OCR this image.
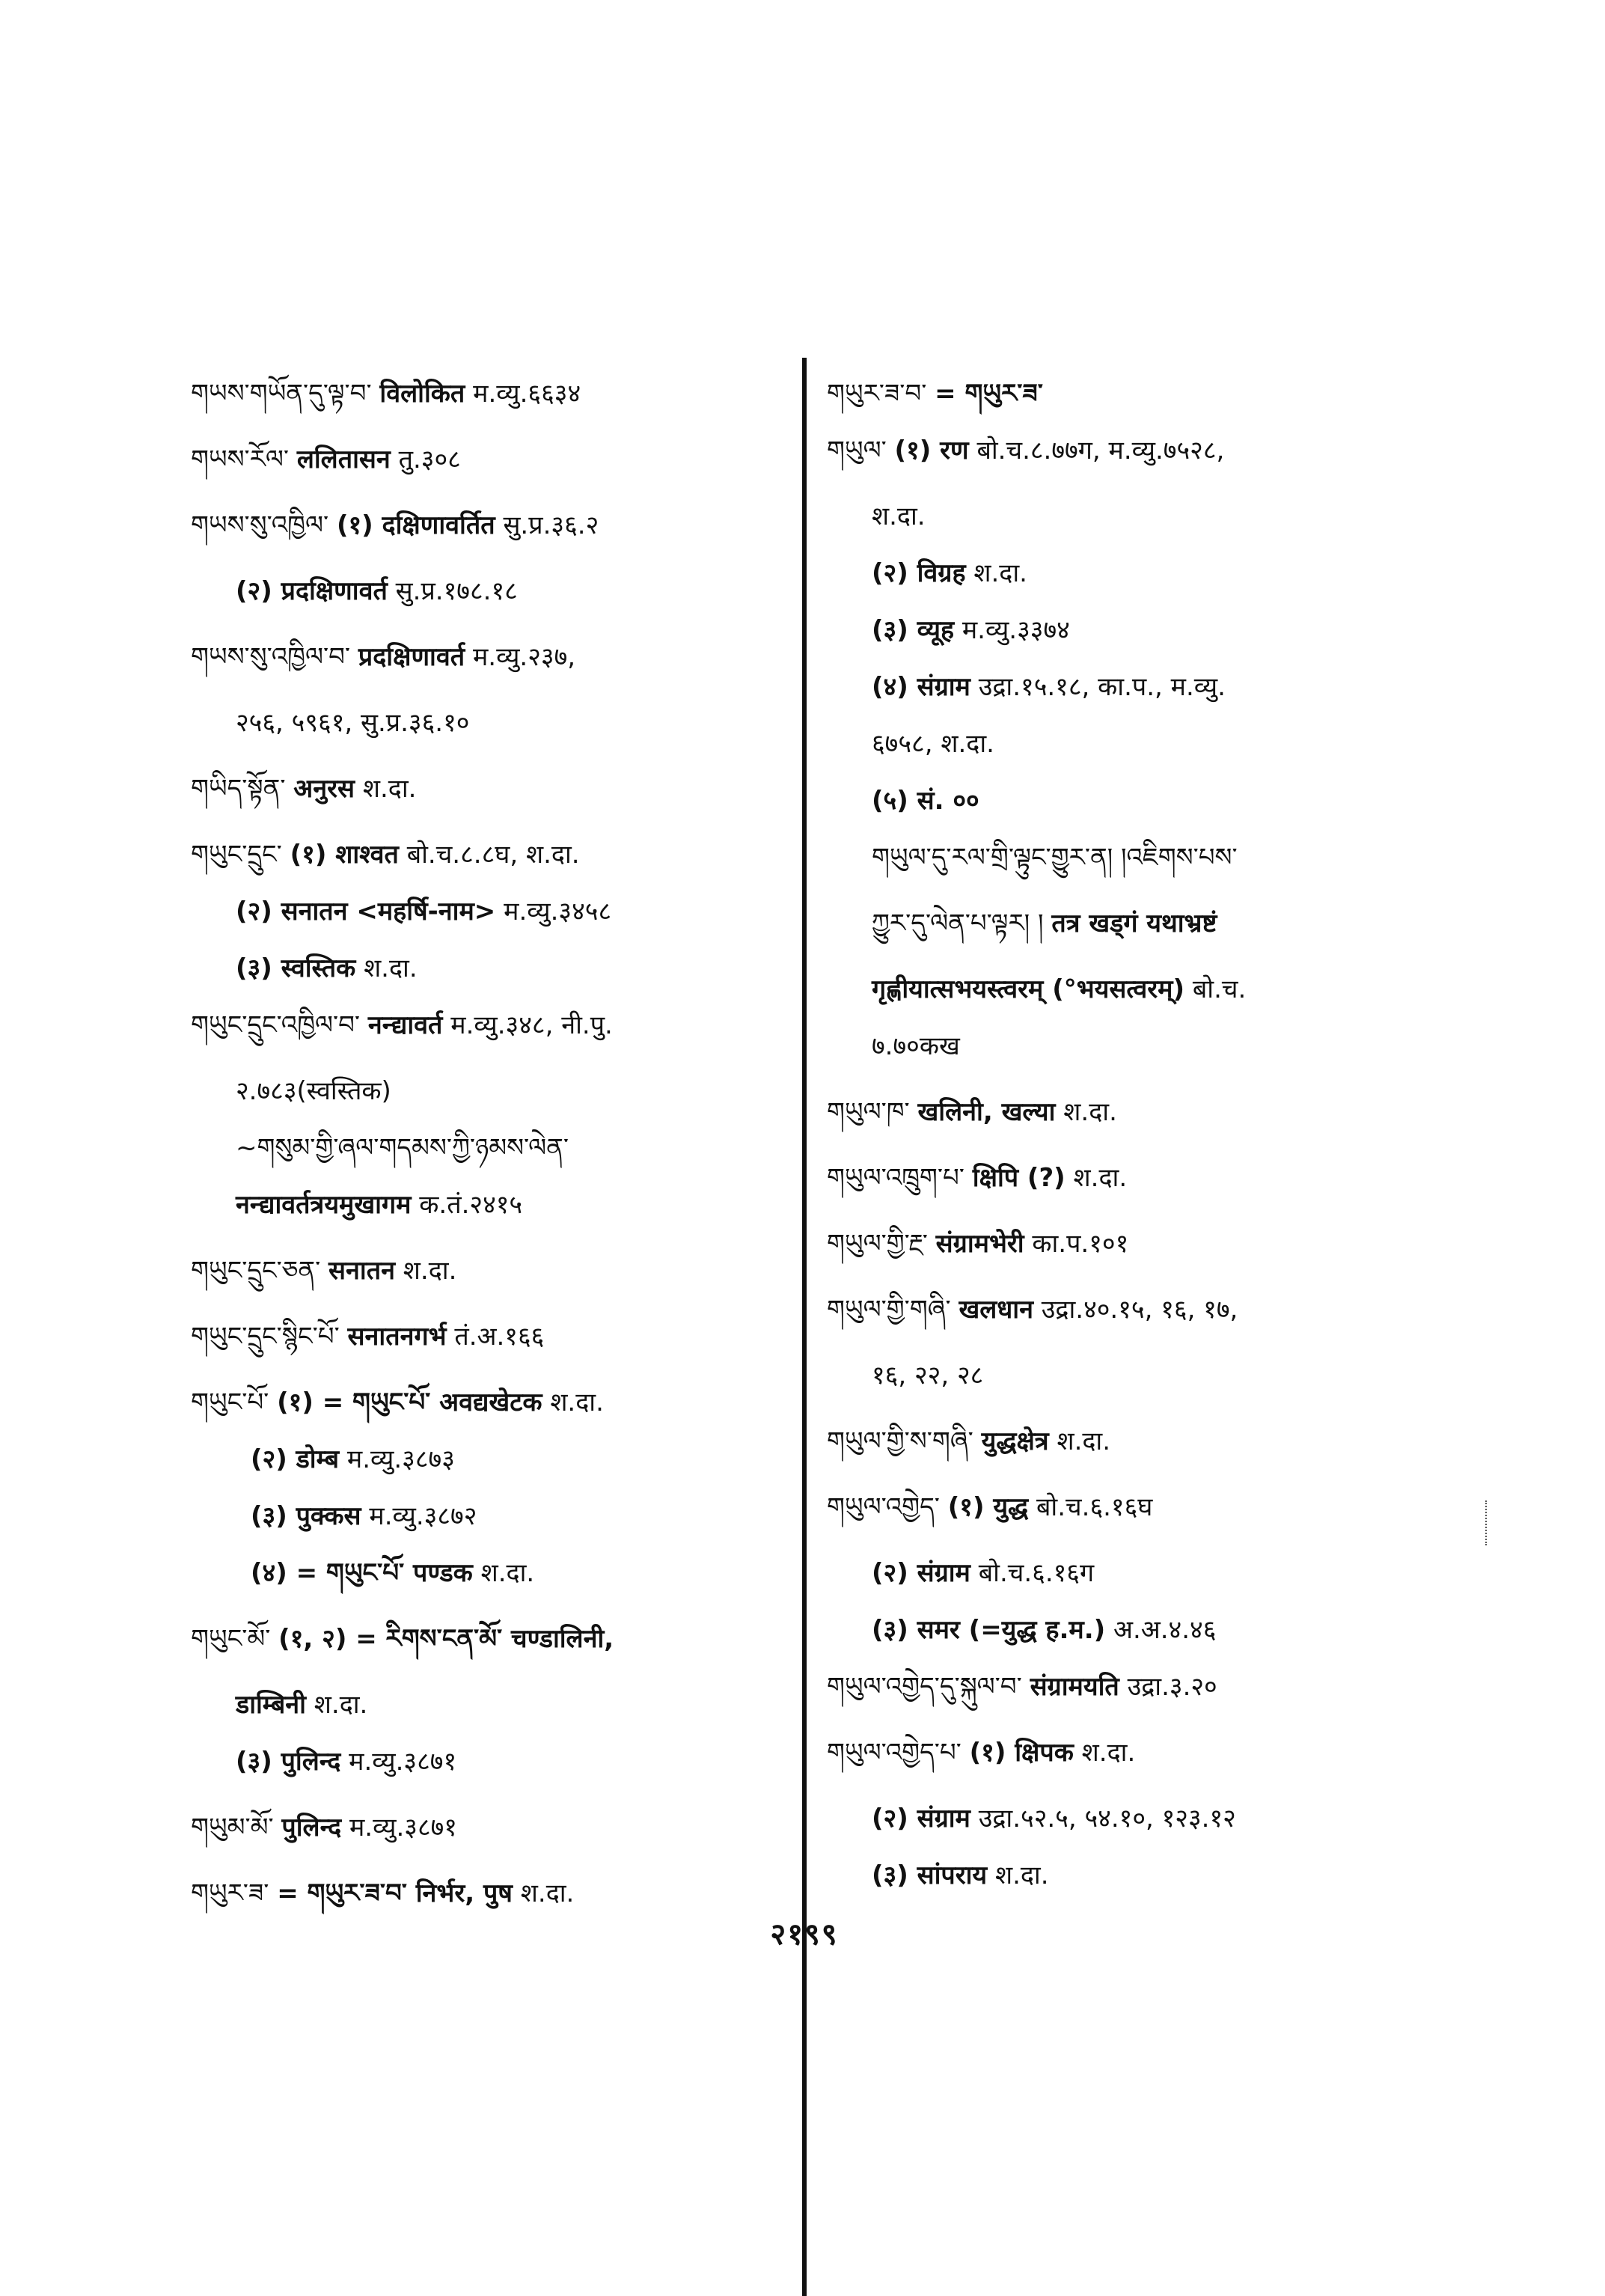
གཡས་གཡོན་དུ་ལྟ་བ་ विलोकित म.व्यु.६६३४
གཡས་རོལ་ ललितासन तु.३०८
གཡས་སུ་འཁྱིལ་ (१) दक्षिणावर्तित सु.प्र.३६.२
(२) प्रदक्षिणावर्त सु.प्र.१७८.१८
གཡས་སུ་འཁྱིལ་བ་ प्रदक्षिणावर्त म.व्यु.२३७,
२५६, ५९६१, सु.प्र.३६.१०
གཡིད་སྟོན་ अनुरस श.दा.
གཡུང་དྲུང་ (१) शाश्वत बो.च.८.८घ, श.दा.
(२) सनातन <महर्षि-नाम> म.व्यु.३४५८
(३) स्वस्तिक श.दा.
གཡུང་དྲུང་འཁྱིལ་བ་ नन्द्यावर्त म.व्यु.३४८, नी.पु.
२.७८३(स्वस्तिक)
~གསུམ་གྱི་ཞལ་གདམས་ཀྱི་ཉམས་ལེན་
नन्द्यावर्तत्रयमुखागम क.तं.२४१५
གཡུང་དྲུང་ཅན་ सनातन श.दा.
གཡུང་དྲུང་སྙིང་པོ་ सनातनगर्भ तं.अ.१६६
གཡུང་པོ་ (१) = གཡུང་པོ་ अवद्यखेटक श.दा.
(२) डोम्ब म.व्यु.३८७३
(३) पुक्कस म.व्यु.३८७२
(४) = གཡུང་པོ་ पण्डक श.दा.
གཡུང་མོ་ (१, २) = རིགས་ངན་མོ་ चण्डालिनी,
डाम्बिनी श.दा.
(३) पुलिन्द म.व्यु.३८७१
གཡུམ་མོ་ पुलिन्द म.व्यु.३८७१
གཡུར་ཟ་ = གཡུར་ཟ་བ་ निर्भर, पुष श.दा.
གཡུར་ཟ་བ་ = གཡུར་ཟ་
གཡུལ་ (१) रण बो.च.८.७७ग, म.व्यु.७५२८,
श.दा.
(२) विग्रह श.दा.
(३) व्यूह म.व्यु.३३७४
(४) संग्राम उद्रा.१५.१८, का.प., म.व्यु.
६७५८, श.दा.
(५) सं. ००
གཡུལ་དུ་རལ་གྲི་ལྟུང་གྱུར་ན། །འཇིགས་པས་
ཀྱུར་དུ་ལེན་པ་ལྟར། ། तत्र खड्गं यथाभ्रष्टं
गृह्णीयात्सभयस्त्वरम् (°भयसत्वरम्) बो.च.
७.७०कख
གཡུལ་ཁ་ खलिनी, खल्या श.दा.
གཡུལ་འཁྲུག་པ་ क्षिपि (?) श.दा.
གཡུལ་གྱི་རྔ་ संग्रामभेरी का.प.१०१
གཡུལ་གྱི་གཞི་ खलधान उद्रा.४०.१५, १६, १७,
१६, २२, २८
གཡུལ་གྱི་ས་གཞི་ युद्धक्षेत्र श.दा.
གཡུལ་འགྱེད་ (१) युद्ध बो.च.६.१६घ
(२) संग्राम बो.च.६.१६ग
(३) समर (=युद्ध ह.म.) अ.अ.४.४६
གཡུལ་འགྱེད་དུ་སྐུལ་བ་ संग्रामयति उद्रा.३.२०
གཡུལ་འགྱེད་པ་ (१) क्षिपक श.दा.
(२) संग्राम उद्रा.५२.५, ५४.१०, १२३.१२
(३) सांपराय श.दा.
२१९९
